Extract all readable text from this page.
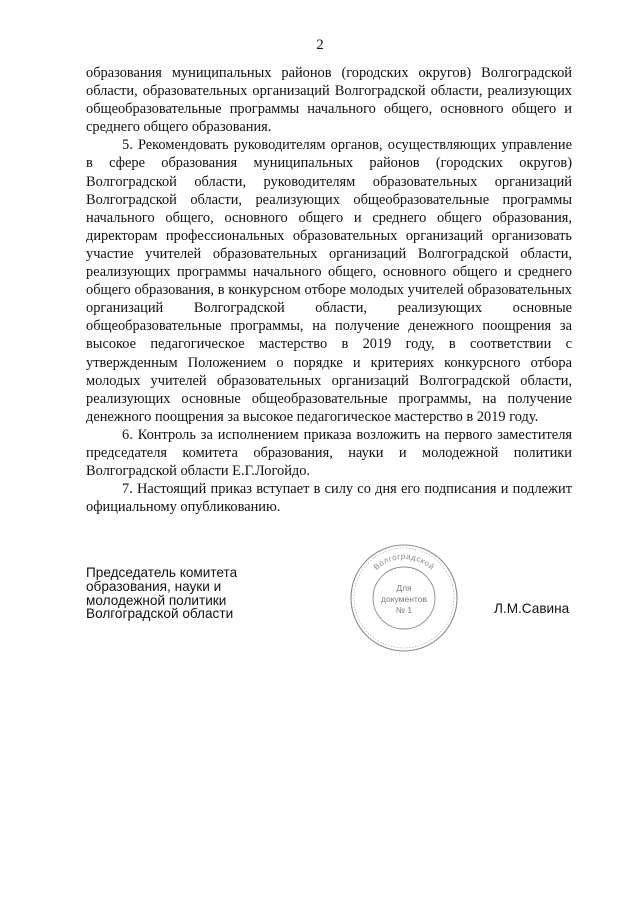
2

образования муниципальных районов (городских округов) Волгоградской области, образовательных организаций Волгоградской области, реализующих общеобразовательные программы начального общего, основного общего и среднего общего образования.

5. Рекомендовать руководителям органов, осуществляющих управление в сфере образования муниципальных районов (городских округов) Волгоградской области, руководителям образовательных организаций Волгоградской области, реализующих общеобразовательные программы начального общего, основного общего и среднего общего образования, директорам профессиональных образовательных организаций организовать участие учителей образовательных организаций Волгоградской области, реализующих программы начального общего, основного общего и среднего общего образования, в конкурсном отборе молодых учителей образовательных организаций Волгоградской области, реализующих основные общеобразовательные программы, на получение денежного поощрения за высокое педагогическое мастерство в 2019 году, в соответствии с утвержденным Положением о порядке и критериях конкурсного отбора молодых учителей образовательных организаций Волгоградской области, реализующих основные общеобразовательные программы, на получение денежного поощрения за высокое педагогическое мастерство в 2019 году.

6. Контроль за исполнением приказа возложить на первого заместителя председателя комитета образования, науки и молодежной политики Волгоградской области Е.Г.Логойдо.

7. Настоящий приказ вступает в силу со дня его подписания и подлежит официальному опубликованию.

Председатель комитета
образования, науки и
молодежной политики
Волгоградской области
Волгоградской
Для
документов
№ 1	Л.М.Савина
